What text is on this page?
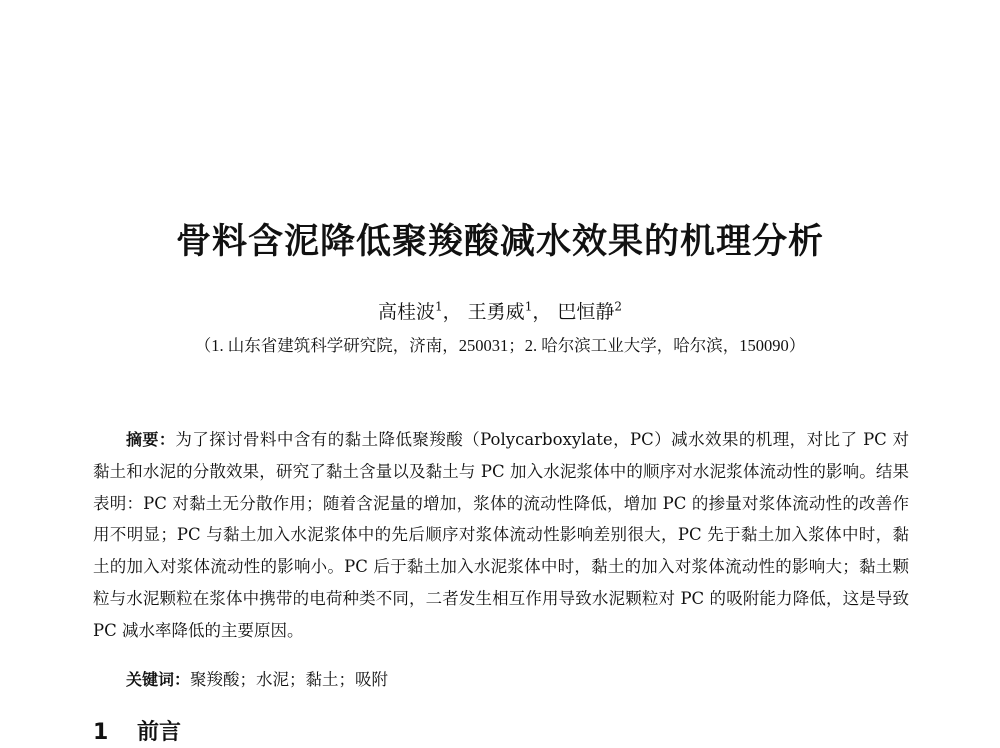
骨料含泥降低聚羧酸减水效果的机理分析
高桂波$^1$， 王勇威$^1$， 巴恒静$^2$
（1. 山东省建筑科学研究院，济南，250031；2. 哈尔滨工业大学，哈尔滨，150090）
摘要：为了探讨骨料中含有的黏土降低聚羧酸（Polycarboxylate，PC）减水效果的机理，对比了 PC 对黏土和水泥的分散效果，研究了黏土含量以及黏土与 PC 加入水泥浆体中的顺序对水泥浆体流动性的影响。结果表明：PC 对黏土无分散作用；随着含泥量的增加，浆体的流动性降低，增加 PC 的掺量对浆体流动性的改善作用不明显；PC 与黏土加入水泥浆体中的先后顺序对浆体流动性影响差别很大，PC 先于黏土加入浆体中时，黏土的加入对浆体流动性的影响小。PC 后于黏土加入水泥浆体中时，黏土的加入对浆体流动性的影响大；黏土颗粒与水泥颗粒在浆体中携带的电荷种类不同，二者发生相互作用导致水泥颗粒对 PC 的吸附能力降低，这是导致 PC 减水率降低的主要原因。
关键词：聚羧酸；水泥；黏土；吸附
1 前言
